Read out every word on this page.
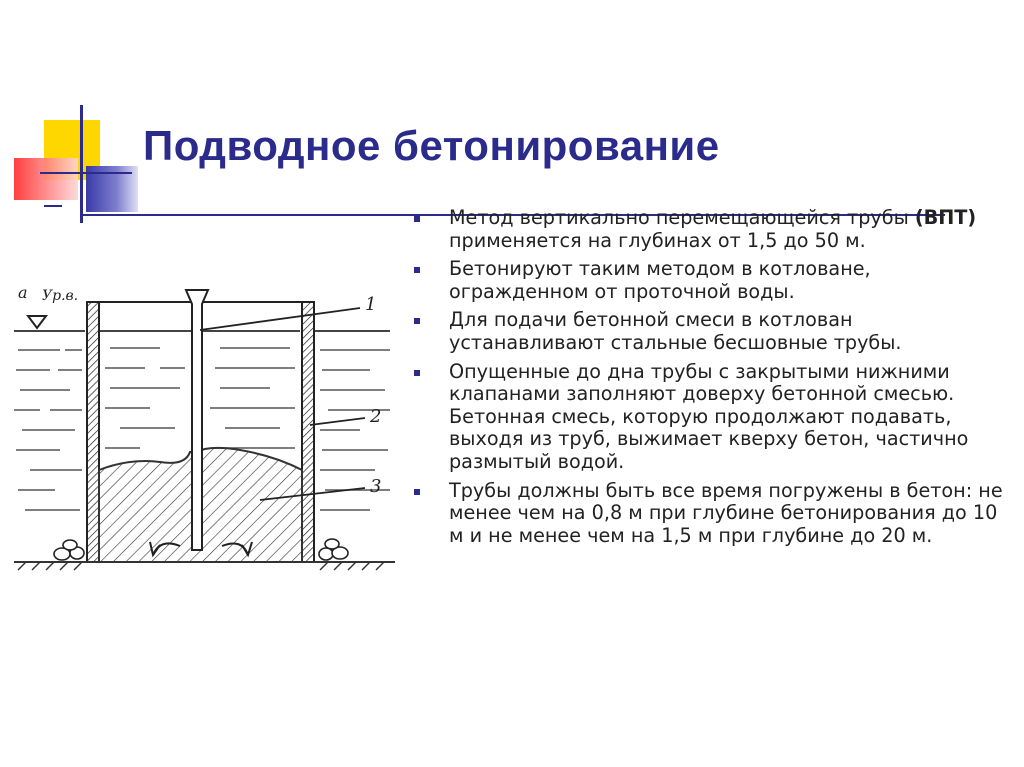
Подводное бетонирование
Метод вертикально перемещающейся трубы (ВПТ) применяется на глубинах от 1,5 до 50 м.
Бетонируют таким методом в котловане, огражденном от проточной воды.
Для подачи бетонной смеси в котлован устанавливают стальные бесшовные трубы.
Опущенные до дна трубы с закрытыми нижними клапанами заполняют доверху бетонной смесью. Бетонная смесь, которую продолжают подавать, выходя из труб, выжимает кверху бетон, частично размытый водой.
Трубы должны быть все время погружены в бетон: не менее чем на 0,8 м при глубине бетонирования до 10 м и не менее чем на 1,5 м при глубине до 20 м.
а Ур.в.	1
2
3
